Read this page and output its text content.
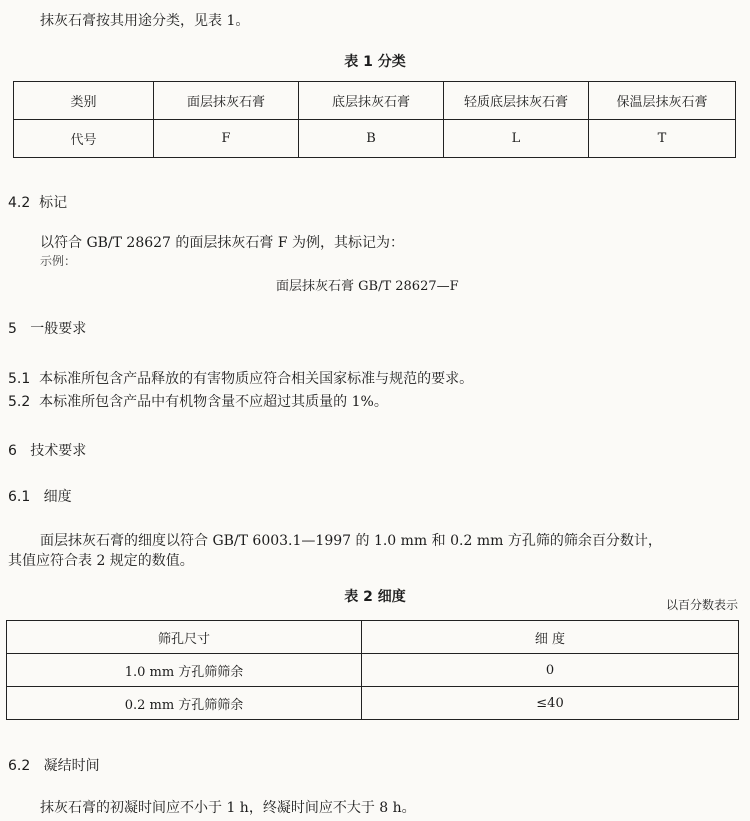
抹灰石膏按其用途分类，见表 1。
表 1 分类
类别	面层抹灰石膏	底层抹灰石膏	轻质底层抹灰石膏	保温层抹灰石膏
代号	F	B	L	T
4.2 标记
以符合 GB/T 28627 的面层抹灰石膏 F 为例，其标记为：
示例：
面层抹灰石膏 GB/T 28627—F
5 一般要求
5.1 本标准所包含产品释放的有害物质应符合相关国家标准与规范的要求。
5.2 本标准所包含产品中有机物含量不应超过其质量的 1%。
6 技术要求
6.1 细度
面层抹灰石膏的细度以符合 GB/T 6003.1—1997 的 1.0 mm 和 0.2 mm 方孔筛的筛余百分数计，
其值应符合表 2 规定的数值。
表 2 细度	以百分数表示
筛孔尺寸	细 度
1.0 mm 方孔筛筛余	0
0.2 mm 方孔筛筛余	≤40
6.2 凝结时间
抹灰石膏的初凝时间应不小于 1 h，终凝时间应不大于 8 h。
